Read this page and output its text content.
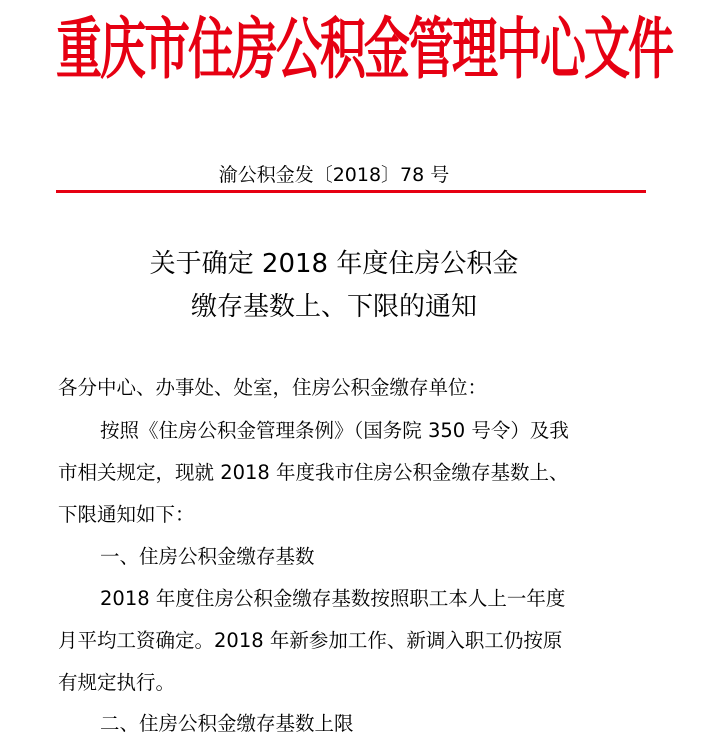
重庆市住房公积金管理中心文件
渝公积金发〔2018〕78 号
关于确定 2018 年度住房公积金
缴存基数上、下限的通知

各分中心、办事处、处室，住房公积金缴存单位：

按照《住房公积金管理条例》（国务院 350 号令）及我

市相关规定，现就 2018 年度我市住房公积金缴存基数上、

下限通知如下：

一、住房公积金缴存基数

2018 年度住房公积金缴存基数按照职工本人上一年度

月平均工资确定。2018 年新参加工作、新调入职工仍按原

有规定执行。

二、住房公积金缴存基数上限
